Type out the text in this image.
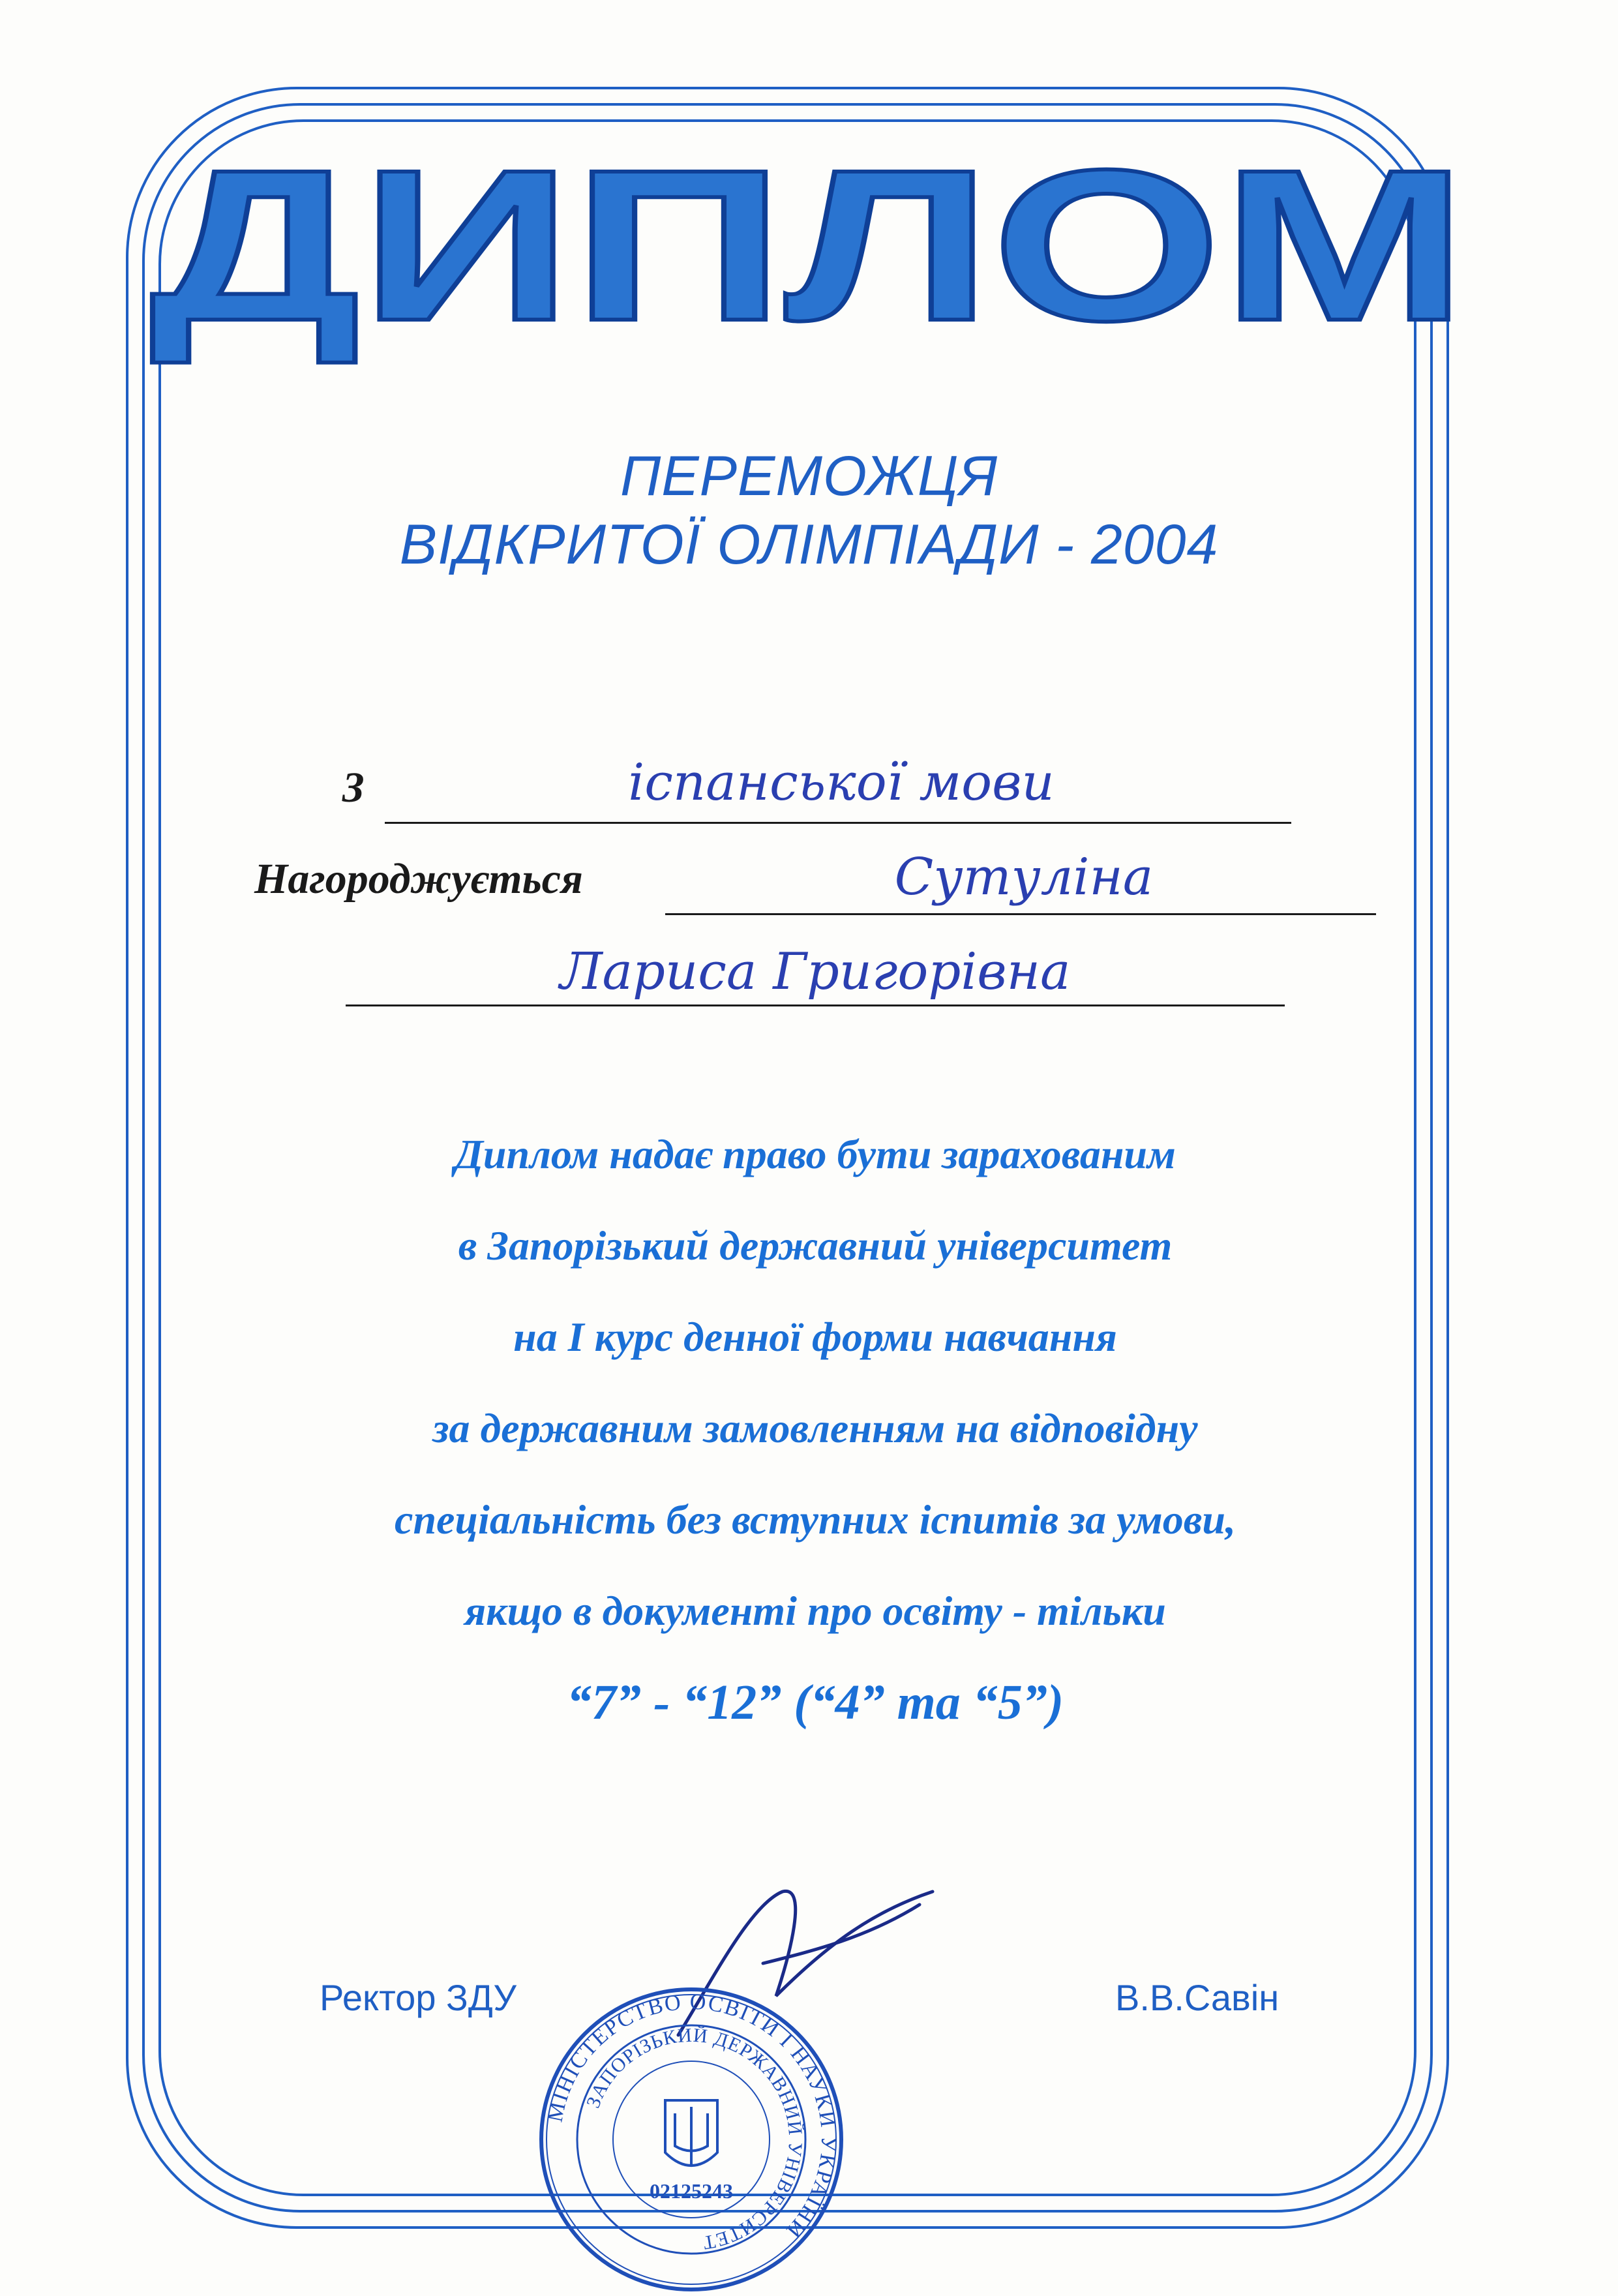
ДИПЛОМ
ПЕРЕМОЖЦЯ
ВІДКРИТОЇ ОЛІМПІАДИ - 2004
З	іспанської мови
Нагороджується	Сутуліна
Лариса Григорівна
Диплом надає право бути зарахованим
в Запорізький державний університет
на І курс денної форми навчання
за державним замовленням на відповідну
спеціальність без вступних іспитів за умови,
якщо в документі про освіту - тільки
“7” - “12” (“4” та “5”)
Ректор ЗДУ	В.В.Савін
МІНІСТЕРСТВО ОСВІТИ І НАУКИ УКРАЇНИ
ЗАПОРІЗЬКИЙ ДЕРЖАВНИЙ УНІВЕРСИТЕТ
02125243
